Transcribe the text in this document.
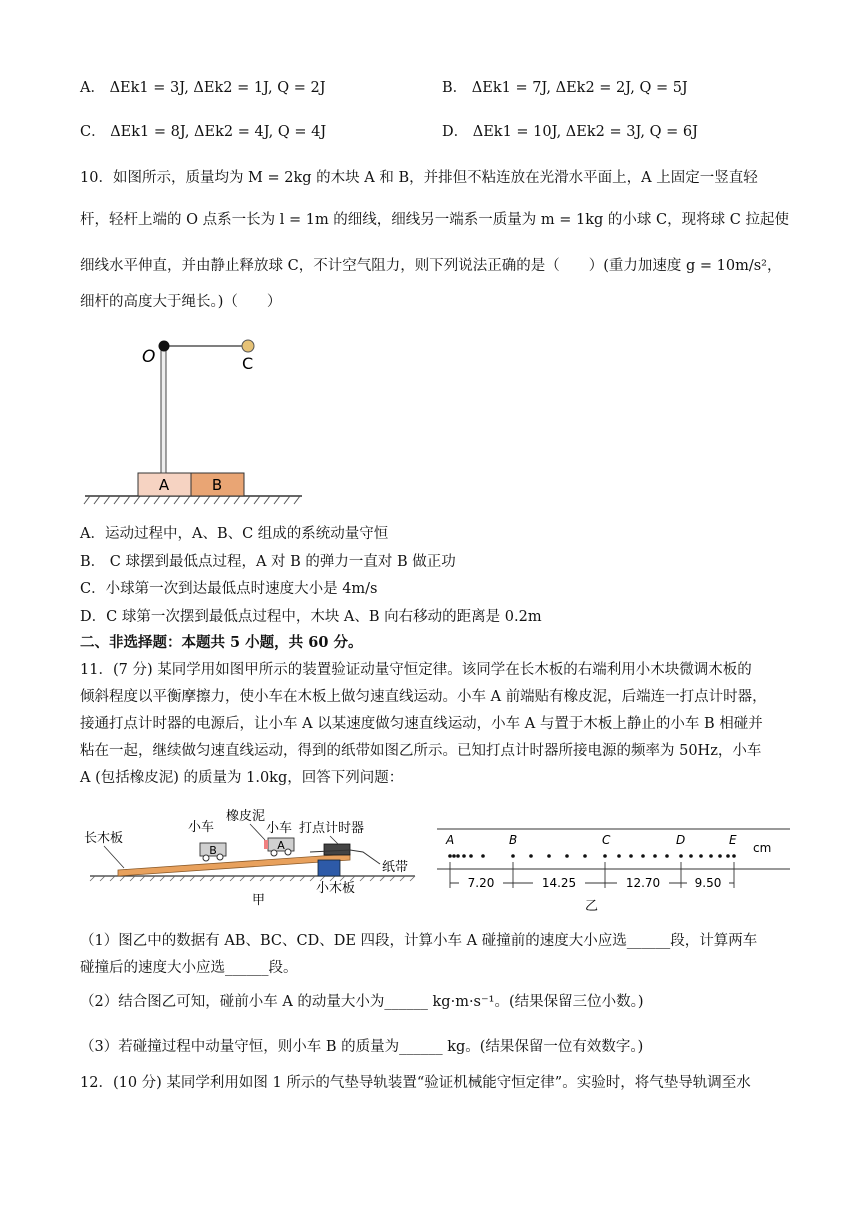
A． ΔEk1 = 3J, ΔEk2 = 1J, Q = 2J	B． ΔEk1 = 7J, ΔEk2 = 2J, Q = 5J
C． ΔEk1 = 8J, ΔEk2 = 4J, Q = 4J	D． ΔEk1 = 10J, ΔEk2 = 3J, Q = 6J
10．如图所示，质量均为 M = 2kg 的木块 A 和 B，并排但不粘连放在光滑水平面上，A 上固定一竖直轻
杆，轻杆上端的 O 点系一长为 l = 1m 的细线，细线另一端系一质量为 m = 1kg 的小球 C，现将球 C 拉起使
细线水平伸直，并由静止释放球 C，不计空气阻力，则下列说法正确的是（　　）(重力加速度 g = 10m/s²，
细杆的高度大于绳长。)（　　）
A	B
O	C
A．运动过程中，A、B、C 组成的系统动量守恒
B． C 球摆到最低点过程，A 对 B 的弹力一直对 B 做正功
C．小球第一次到达最低点时速度大小是 4m/s
D．C 球第一次摆到最低点过程中，木块 A、B 向右移动的距离是 0.2m
二、非选择题：本题共 5 小题，共 60 分。
11．(7 分) 某同学用如图甲所示的装置验证动量守恒定律。该同学在长木板的右端利用小木块微调木板的
倾斜程度以平衡摩擦力，使小车在木板上做匀速直线运动。小车 A 前端贴有橡皮泥，后端连一打点计时器，
接通打点计时器的电源后，让小车 A 以某速度做匀速直线运动，小车 A 与置于木板上静止的小车 B 相碰并
粘在一起，继续做匀速直线运动，得到的纸带如图乙所示。已知打点计时器所接电源的频率为 50Hz，小车
A (包括橡皮泥) 的质量为 1.0kg，回答下列问题：
B	A
长木板
小车
橡皮泥
小车 打点计时器
纸带
小木板
甲
A	B	C	D	E
cm
7.20	14.25	12.70	9.50
乙
（1）图乙中的数据有 AB、BC、CD、DE 四段，计算小车 A 碰撞前的速度大小应选______段，计算两车
碰撞后的速度大小应选______段。
（2）结合图乙可知，碰前小车 A 的动量大小为______ kg·m·s⁻¹。(结果保留三位小数。)
（3）若碰撞过程中动量守恒，则小车 B 的质量为______ kg。(结果保留一位有效数字。)
12．(10 分) 某同学利用如图 1 所示的气垫导轨装置“验证机械能守恒定律”。实验时，将气垫导轨调至水
